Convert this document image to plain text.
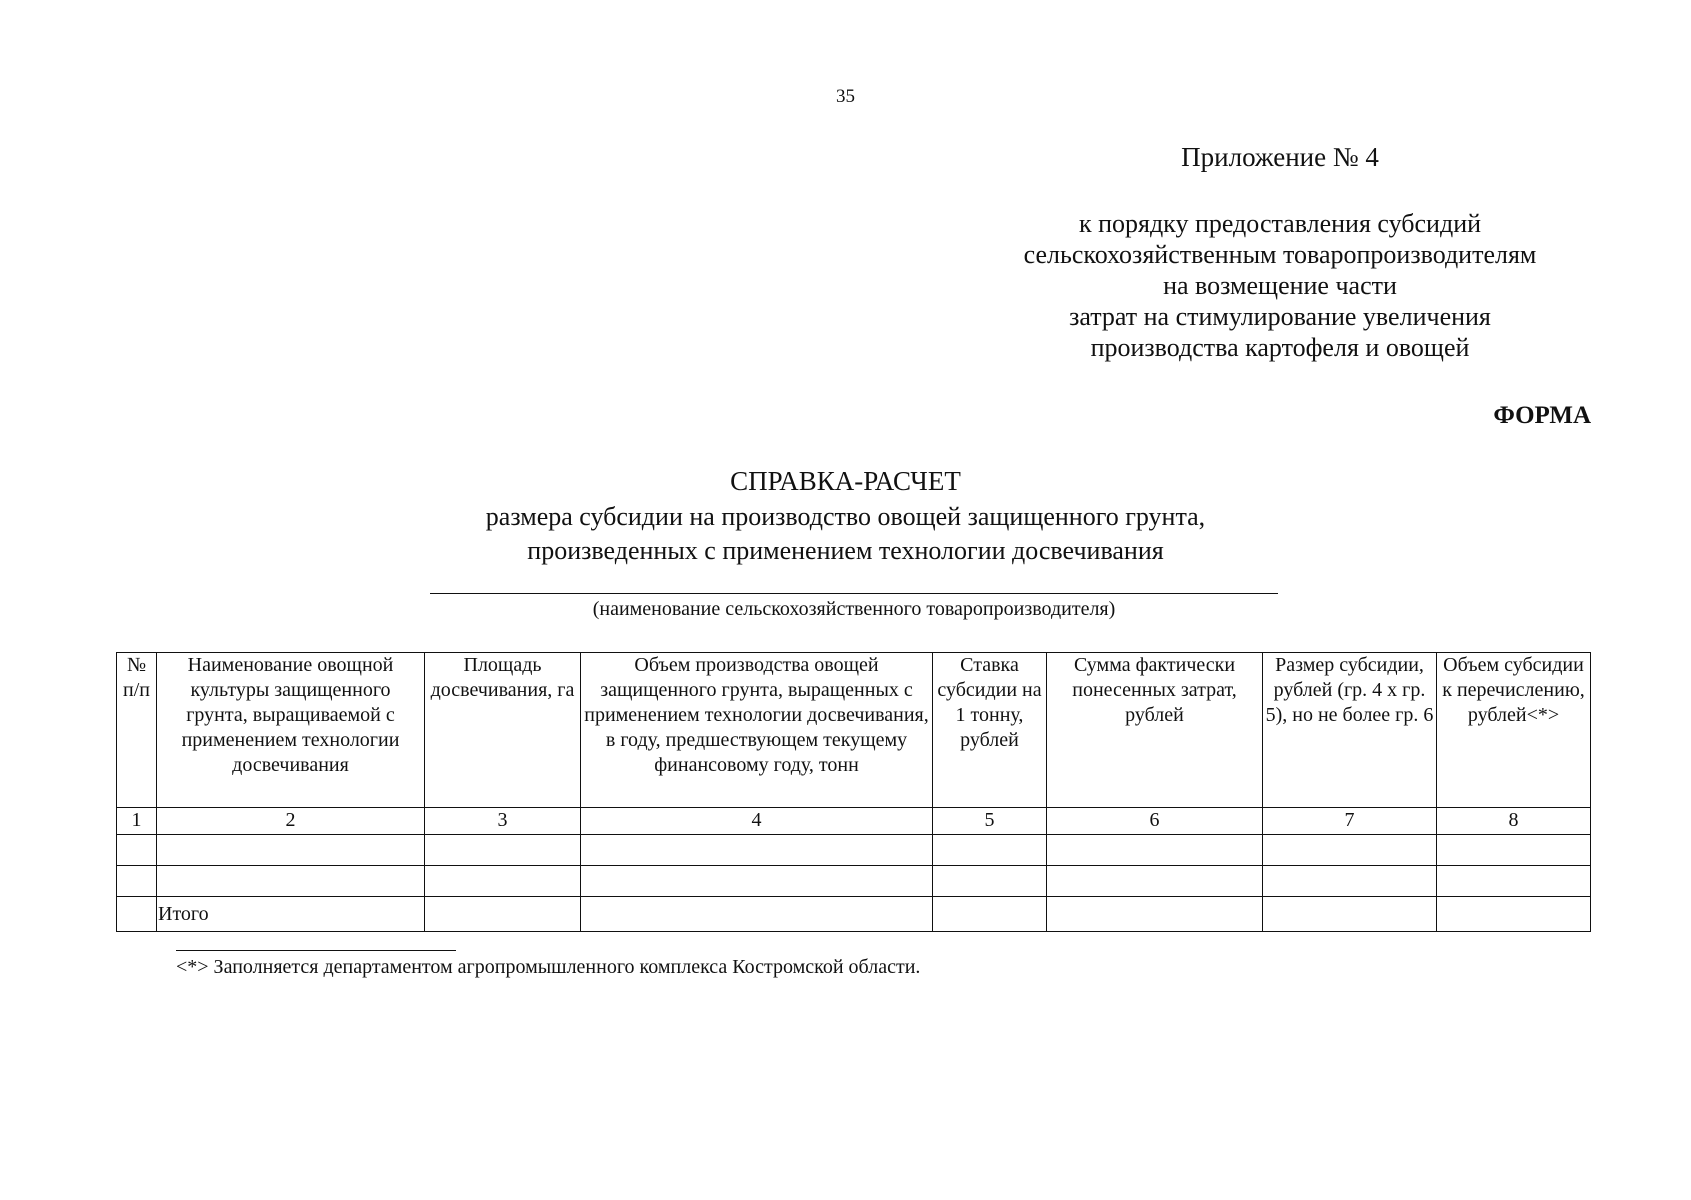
35
Приложение № 4
к порядку предоставления субсидий
сельскохозяйственным товаропроизводителям
на возмещение части
затрат на стимулирование увеличения
производства картофеля и овощей
ФОРМА
СПРАВКА-РАСЧЕТ
размера субсидии на производство овощей защищенного грунта,
произведенных с применением технологии досвечивания
(наименование сельскохозяйственного товаропроизводителя)
№ п/п	Наименование овощной культуры защищенного грунта, выращиваемой с применением технологии досвечивания	Площадь досвечивания, га	Объем производства овощей защищенного грунта, выращенных с применением технологии досвечивания, в году, предшествующем текущему финансовому году, тонн	Ставка субсидии на 1 тонну, рублей	Сумма фактически понесенных затрат, рублей	Размер субсидии, рублей (гр. 4 х гр. 5), но не более гр. 6	Объем субсидии к перечислению, рублей<*>
1	2	3	4	5	6	7	8

	Итого						
<*> Заполняется департаментом агропромышленного комплекса Костромской области.
